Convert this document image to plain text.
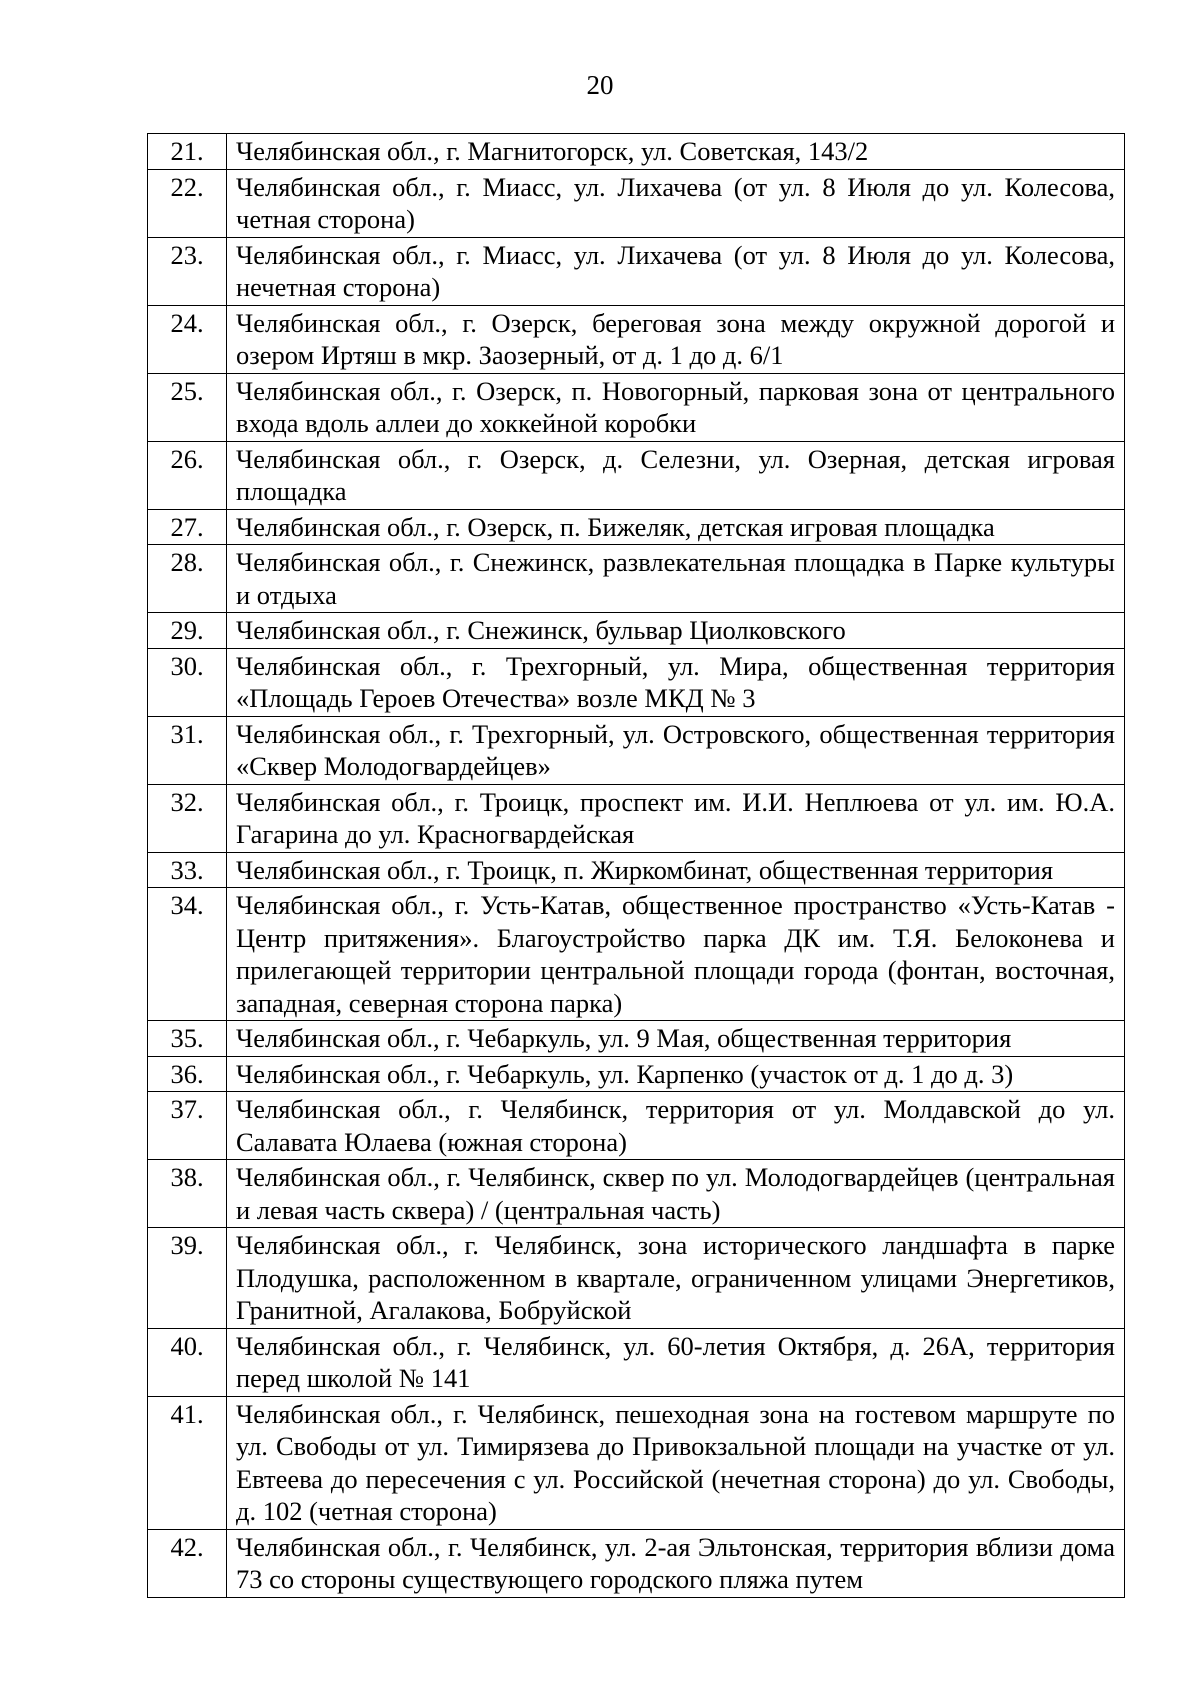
20
21.	Челябинская обл., г. Магнитогорск, ул. Советская, 143/2
22.	Челябинская обл., г. Миасс, ул. Лихачева (от ул. 8 Июля до ул. Колесова, четная сторона)
23.	Челябинская обл., г. Миасс, ул. Лихачева (от ул. 8 Июля до ул. Колесова, нечетная сторона)
24.	Челябинская обл., г. Озерск, береговая зона между окружной дорогой и озером Иртяш в мкр. Заозерный, от д. 1 до д. 6/1
25.	Челябинская обл., г. Озерск, п. Новогорный, парковая зона от центрального входа вдоль аллеи до хоккейной коробки
26.	Челябинская обл., г. Озерск, д. Селезни, ул. Озерная, детская игровая площадка
27.	Челябинская обл., г. Озерск, п. Бижеляк, детская игровая площадка
28.	Челябинская обл., г. Снежинск, развлекательная площадка в Парке культуры и отдыха
29.	Челябинская обл., г. Снежинск, бульвар Циолковского
30.	Челябинская обл., г. Трехгорный, ул. Мира, общественная территория «Площадь Героев Отечества» возле МКД № 3
31.	Челябинская обл., г. Трехгорный, ул. Островского, общественная территория «Сквер Молодогвардейцев»
32.	Челябинская обл., г. Троицк, проспект им. И.И. Неплюева от ул. им. Ю.А. Гагарина до ул. Красногвардейская
33.	Челябинская обл., г. Троицк, п. Жиркомбинат, общественная территория
34.	Челябинская обл., г. Усть-Катав, общественное пространство «Усть-Катав - Центр притяжения». Благоустройство парка ДК им. Т.Я. Белоконева и прилегающей территории центральной площади города (фонтан, восточная, западная, северная сторона парка)
35.	Челябинская обл., г. Чебаркуль, ул. 9 Мая, общественная территория
36.	Челябинская обл., г. Чебаркуль, ул. Карпенко (участок от д. 1 до д. 3)
37.	Челябинская обл., г. Челябинск, территория от ул. Молдавской до ул. Салавата Юлаева (южная сторона)
38.	Челябинская обл., г. Челябинск, сквер по ул. Молодогвардейцев (центральная и левая часть сквера) / (центральная часть)
39.	Челябинская обл., г. Челябинск, зона исторического ландшафта в парке Плодушка, расположенном в квартале, ограниченном улицами Энергетиков, Гранитной, Агалакова, Бобруйской
40.	Челябинская обл., г. Челябинск, ул. 60-летия Октября, д. 26А, территория перед школой № 141
41.	Челябинская обл., г. Челябинск, пешеходная зона на гостевом маршруте по ул. Свободы от ул. Тимирязева до Привокзальной площади на участке от ул. Евтеева до пересечения с ул. Российской (нечетная сторона) до ул. Свободы, д. 102 (четная сторона)
42.	Челябинская обл., г. Челябинск, ул. 2-ая Эльтонская, территория вблизи дома 73 со стороны существующего городского пляжа путем
